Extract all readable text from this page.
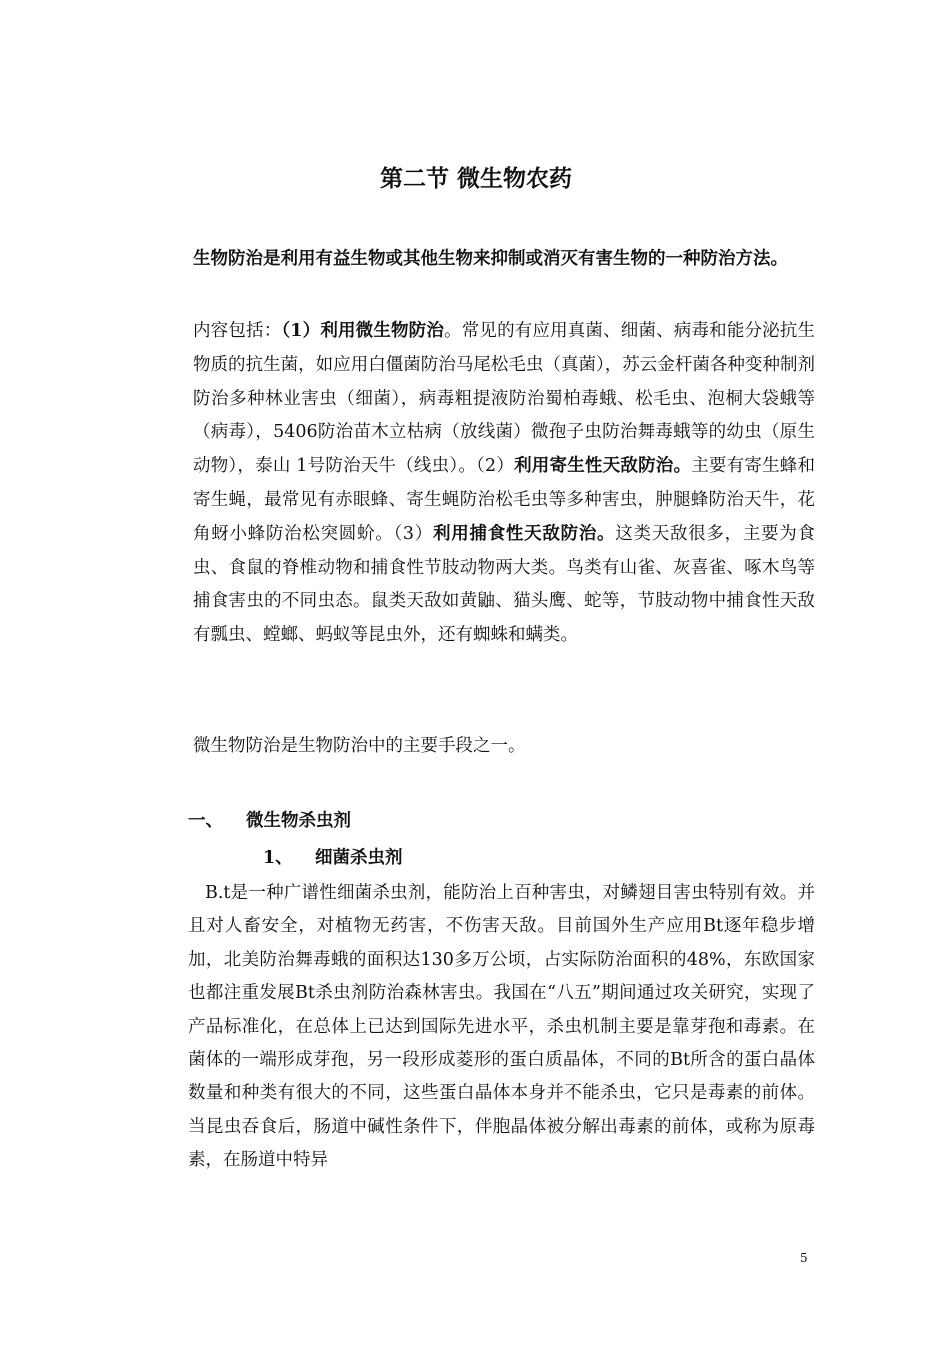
第二节 微生物农药

生物防治是利用有益生物或其他生物来抑制或消灭有害生物的一种防治方法。

内容包括：（1）利用微生物防治。常见的有应用真菌、细菌、病毒和能分泌抗生物质的抗生菌，如应用白僵菌防治马尾松毛虫（真菌），苏云金杆菌各种变种制剂防治多种林业害虫（细菌），病毒粗提液防治蜀柏毒蛾、松毛虫、泡桐大袋蛾等（病毒），5406防治苗木立枯病（放线菌）微孢子虫防治舞毒蛾等的幼虫（原生动物），泰山 1号防治天牛（线虫）。（2）利用寄生性天敌防治。主要有寄生蜂和寄生蝇，最常见有赤眼蜂、寄生蝇防治松毛虫等多种害虫，肿腿蜂防治天牛，花角蚜小蜂防治松突圆蚧。（3）利用捕食性天敌防治。这类天敌很多，主要为食虫、食鼠的脊椎动物和捕食性节肢动物两大类。鸟类有山雀、灰喜雀、啄木鸟等捕食害虫的不同虫态。鼠类天敌如黄鼬、猫头鹰、蛇等，节肢动物中捕食性天敌有瓢虫、螳螂、蚂蚁等昆虫外，还有蜘蛛和螨类。

微生物防治是生物防治中的主要手段之一。

一、 微生物杀虫剂
1、 细菌杀虫剂

B.t是一种广谱性细菌杀虫剂，能防治上百种害虫，对鳞翅目害虫特别有效。并且对人畜安全，对植物无药害，不伤害天敌。目前国外生产应用Bt逐年稳步增加，北美防治舞毒蛾的面积达130多万公顷，占实际防治面积的48%，东欧国家也都注重发展Bt杀虫剂防治森林害虫。我国在“八五”期间通过攻关研究，实现了产品标准化，在总体上已达到国际先进水平，杀虫机制主要是靠芽孢和毒素。在菌体的一端形成芽孢，另一段形成菱形的蛋白质晶体，不同的Bt所含的蛋白晶体数量和种类有很大的不同，这些蛋白晶体本身并不能杀虫，它只是毒素的前体。当昆虫吞食后，肠道中碱性条件下，伴胞晶体被分解出毒素的前体，或称为原毒素，在肠道中特异

5
